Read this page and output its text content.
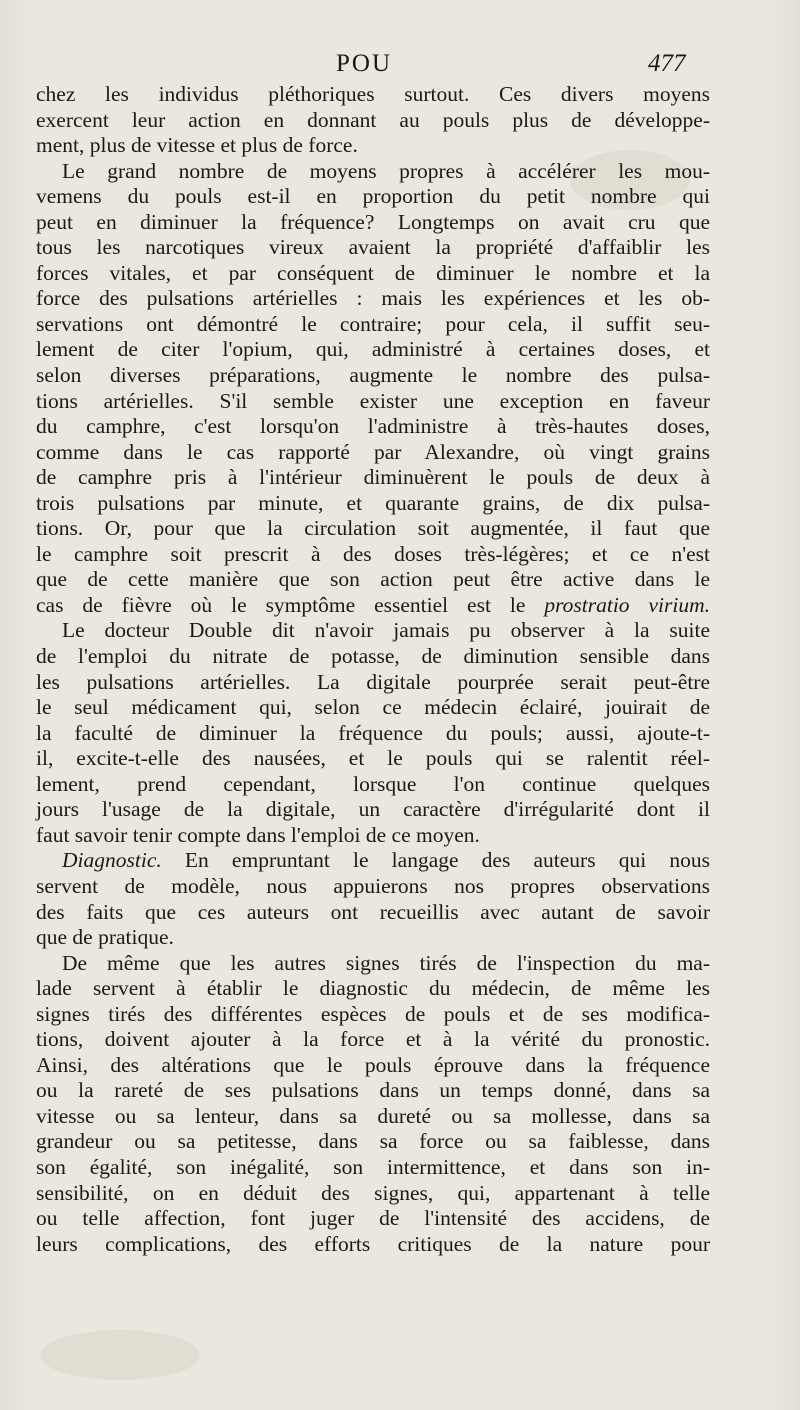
POU	477
chez les individus pléthoriques surtout. Ces divers moyens
exercent leur action en donnant au pouls plus de développe-
ment, plus de vitesse et plus de force.
Le grand nombre de moyens propres à accélérer les mou-
vemens du pouls est-il en proportion du petit nombre qui
peut en diminuer la fréquence? Longtemps on avait cru que
tous les narcotiques vireux avaient la propriété d'affaiblir les
forces vitales, et par conséquent de diminuer le nombre et la
force des pulsations artérielles : mais les expériences et les ob-
servations ont démontré le contraire; pour cela, il suffit seu-
lement de citer l'opium, qui, administré à certaines doses, et
selon diverses préparations, augmente le nombre des pulsa-
tions artérielles. S'il semble exister une exception en faveur
du camphre, c'est lorsqu'on l'administre à très-hautes doses,
comme dans le cas rapporté par Alexandre, où vingt grains
de camphre pris à l'intérieur diminuèrent le pouls de deux à
trois pulsations par minute, et quarante grains, de dix pulsa-
tions. Or, pour que la circulation soit augmentée, il faut que
le camphre soit prescrit à des doses très-légères; et ce n'est
que de cette manière que son action peut être active dans le
cas de fièvre où le symptôme essentiel est le prostratio virium.
Le docteur Double dit n'avoir jamais pu observer à la suite
de l'emploi du nitrate de potasse, de diminution sensible dans
les pulsations artérielles. La digitale pourprée serait peut-être
le seul médicament qui, selon ce médecin éclairé, jouirait de
la faculté de diminuer la fréquence du pouls; aussi, ajoute-t-
il, excite-t-elle des nausées, et le pouls qui se ralentit réel-
lement, prend cependant, lorsque l'on continue quelques
jours l'usage de la digitale, un caractère d'irrégularité dont il
faut savoir tenir compte dans l'emploi de ce moyen.
Diagnostic. En empruntant le langage des auteurs qui nous
servent de modèle, nous appuierons nos propres observations
des faits que ces auteurs ont recueillis avec autant de savoir
que de pratique.
De même que les autres signes tirés de l'inspection du ma-
lade servent à établir le diagnostic du médecin, de même les
signes tirés des différentes espèces de pouls et de ses modifica-
tions, doivent ajouter à la force et à la vérité du pronostic.
Ainsi, des altérations que le pouls éprouve dans la fréquence
ou la rareté de ses pulsations dans un temps donné, dans sa
vitesse ou sa lenteur, dans sa dureté ou sa mollesse, dans sa
grandeur ou sa petitesse, dans sa force ou sa faiblesse, dans
son égalité, son inégalité, son intermittence, et dans son in-
sensibilité, on en déduit des signes, qui, appartenant à telle
ou telle affection, font juger de l'intensité des accidens, de
leurs complications, des efforts critiques de la nature pour
